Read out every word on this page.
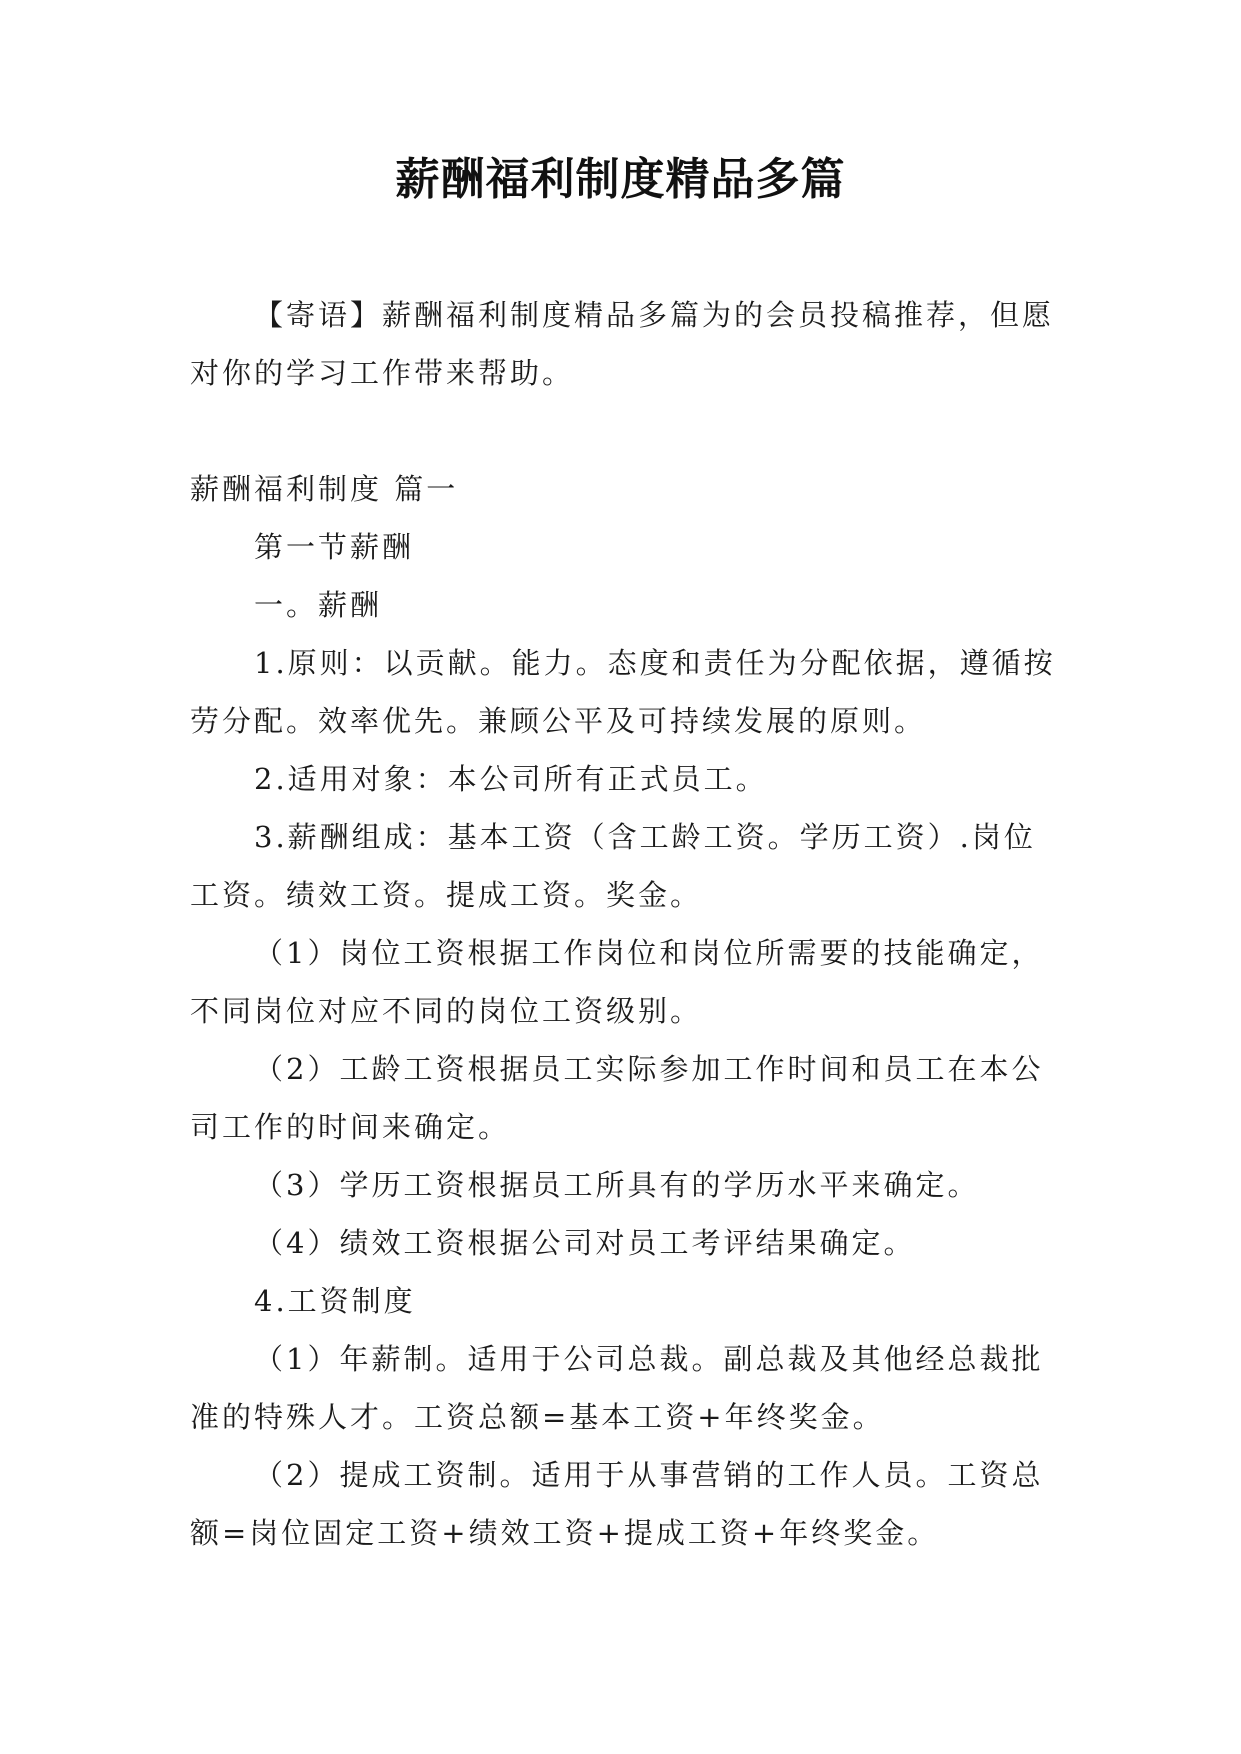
薪酬福利制度精品多篇

【寄语】薪酬福利制度精品多篇为的会员投稿推荐，但愿对你的学习工作带来帮助。

薪酬福利制度 篇一

第一节薪酬

一。薪酬

1.原则：以贡献。能力。态度和责任为分配依据，遵循按劳分配。效率优先。兼顾公平及可持续发展的原则。

2.适用对象：本公司所有正式员工。

3.薪酬组成：基本工资（含工龄工资。学历工资）.岗位工资。绩效工资。提成工资。奖金。

（1）岗位工资根据工作岗位和岗位所需要的技能确定，不同岗位对应不同的岗位工资级别。

（2）工龄工资根据员工实际参加工作时间和员工在本公司工作的时间来确定。

（3）学历工资根据员工所具有的学历水平来确定。

（4）绩效工资根据公司对员工考评结果确定。

4.工资制度

（1）年薪制。适用于公司总裁。副总裁及其他经总裁批准的特殊人才。工资总额=基本工资+年终奖金。

（2）提成工资制。适用于从事营销的工作人员。工资总额=岗位固定工资+绩效工资+提成工资+年终奖金。
